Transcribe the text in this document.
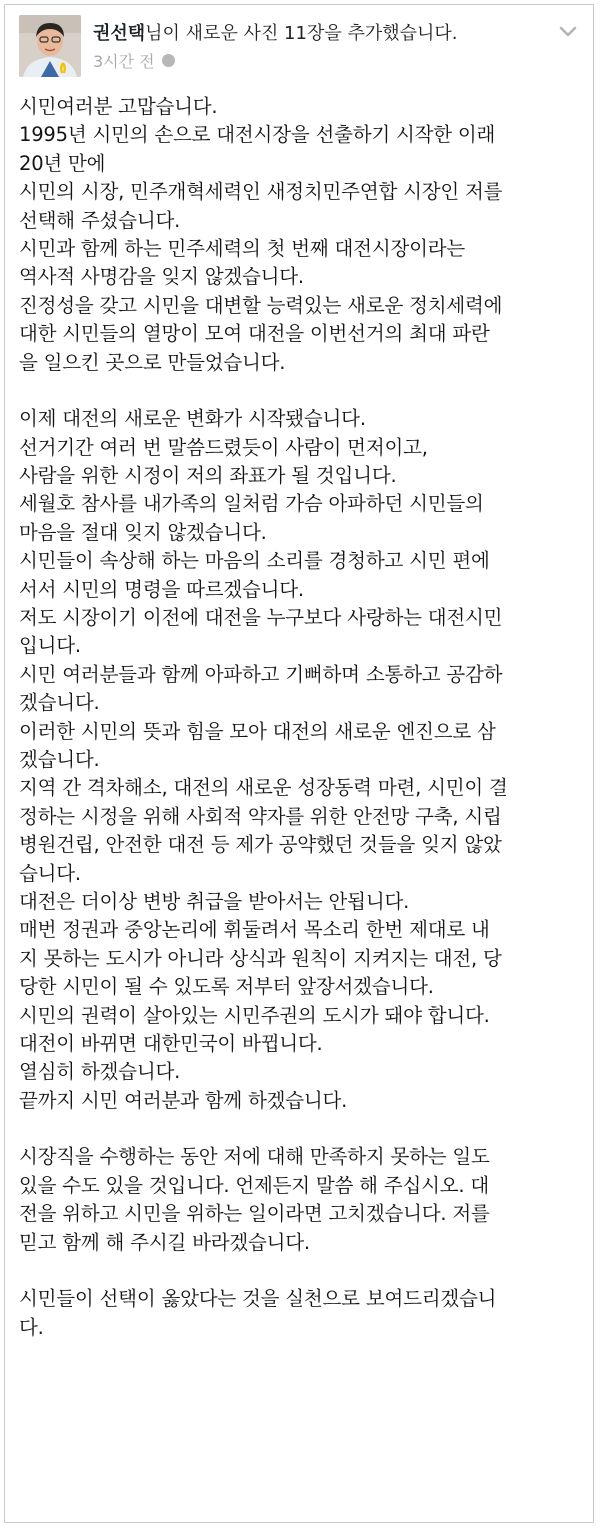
권선택님이 새로운 사진 11장을 추가했습니다.
3시간 전
시민여러분 고맙습니다.
1995년 시민의 손으로 대전시장을 선출하기 시작한 이래
20년 만에
시민의 시장, 민주개혁세력인 새정치민주연합 시장인 저를
선택해 주셨습니다.
시민과 함께 하는 민주세력의 첫 번째 대전시장이라는
역사적 사명감을 잊지 않겠습니다.
진정성을 갖고 시민을 대변할 능력있는 새로운 정치세력에
대한 시민들의 열망이 모여 대전을 이번선거의 최대 파란
을 일으킨 곳으로 만들었습니다.
이제 대전의 새로운 변화가 시작됐습니다.
선거기간 여러 번 말씀드렸듯이 사람이 먼저이고,
사람을 위한 시정이 저의 좌표가 될 것입니다.
세월호 참사를 내가족의 일처럼 가슴 아파하던 시민들의
마음을 절대 잊지 않겠습니다.
시민들이 속상해 하는 마음의 소리를 경청하고 시민 편에
서서 시민의 명령을 따르겠습니다.
저도 시장이기 이전에 대전을 누구보다 사랑하는 대전시민
입니다.
시민 여러분들과 함께 아파하고 기뻐하며 소통하고 공감하
겠습니다.
이러한 시민의 뜻과 힘을 모아 대전의 새로운 엔진으로 삼
겠습니다.
지역 간 격차해소, 대전의 새로운 성장동력 마련, 시민이 결
정하는 시정을 위해 사회적 약자를 위한 안전망 구축, 시립
병원건립, 안전한 대전 등 제가 공약했던 것들을 잊지 않았
습니다.
대전은 더이상 변방 취급을 받아서는 안됩니다.
매번 정권과 중앙논리에 휘둘려서 목소리 한번 제대로 내
지 못하는 도시가 아니라 상식과 원칙이 지켜지는 대전, 당
당한 시민이 될 수 있도록 저부터 앞장서겠습니다.
시민의 권력이 살아있는 시민주권의 도시가 돼야 합니다.
대전이 바뀌면 대한민국이 바뀝니다.
열심히 하겠습니다.
끝까지 시민 여러분과 함께 하겠습니다.
시장직을 수행하는 동안 저에 대해 만족하지 못하는 일도
있을 수도 있을 것입니다. 언제든지 말씀 해 주십시오. 대
전을 위하고 시민을 위하는 일이라면 고치겠습니다. 저를
믿고 함께 해 주시길 바라겠습니다.
시민들이 선택이 옳았다는 것을 실천으로 보여드리겠습니
다.
